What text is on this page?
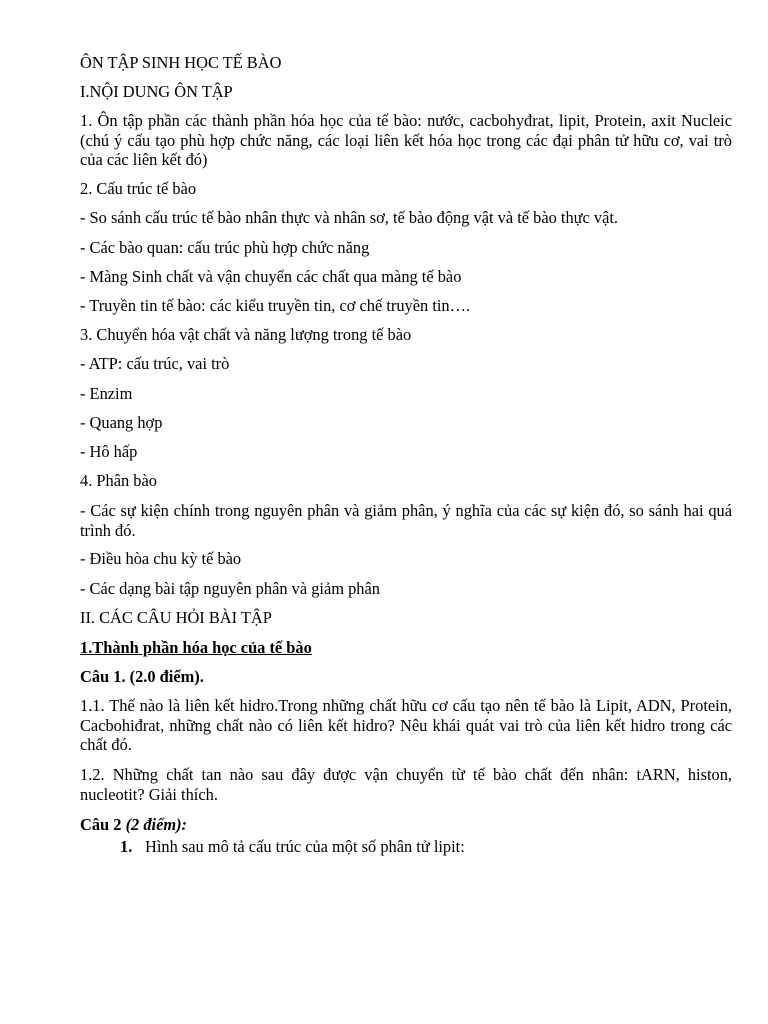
ÔN TẬP SINH HỌC TẾ BÀO
I.NỘI DUNG ÔN TẬP
1. Ôn tập phần các thành phần hóa học của tế bào: nước, cacbohyđrat, lipit, Protein, axit Nucleic (chú ý cấu tạo phù hợp chức năng, các loại liên kết hóa học trong các đại phân tử hữu cơ, vai trò của các liên kết đó)
2. Cấu trúc tế bào
- So sánh cấu trúc tế bào nhân thực và nhân sơ, tế bào động vật và tế bào thực vật.
- Các bào quan: cấu trúc phù hợp chức năng
- Màng Sinh chất và vận chuyển các chất qua màng tế bào
- Truyền tin tế bào: các kiểu truyền tin, cơ chế truyền tin….
3. Chuyển hóa vật chất và năng lượng trong tế bào
- ATP: cấu trúc, vai trò
- Enzim
- Quang hợp
- Hô hấp
4. Phân bào
- Các sự kiện chính trong nguyên phân và giảm phân, ý nghĩa của các sự kiện đó, so sánh hai quá trình đó.
- Điều hòa chu kỳ tế bào
- Các dạng bài tập nguyên phân và giảm phân
II. CÁC CÂU HỎI BÀI TẬP
1.Thành phần hóa học của tế bào
Câu 1. (2.0 điểm).
1.1. Thế nào là liên kết hidro.Trong những chất hữu cơ cấu tạo nên tế bào là Lipit, ADN, Protein, Cacbohiđrat, những chất nào có liên kết hidro? Nêu khái quát vai trò của liên kết hidro trong các chất đó.
1.2. Những chất tan nào sau đây được vận chuyển từ tế bào chất đến nhân: tARN, histon, nucleotit? Giải thích.
Câu 2 (2 điểm):
1. Hình sau mô tả cấu trúc của một số phân tử lipit:
